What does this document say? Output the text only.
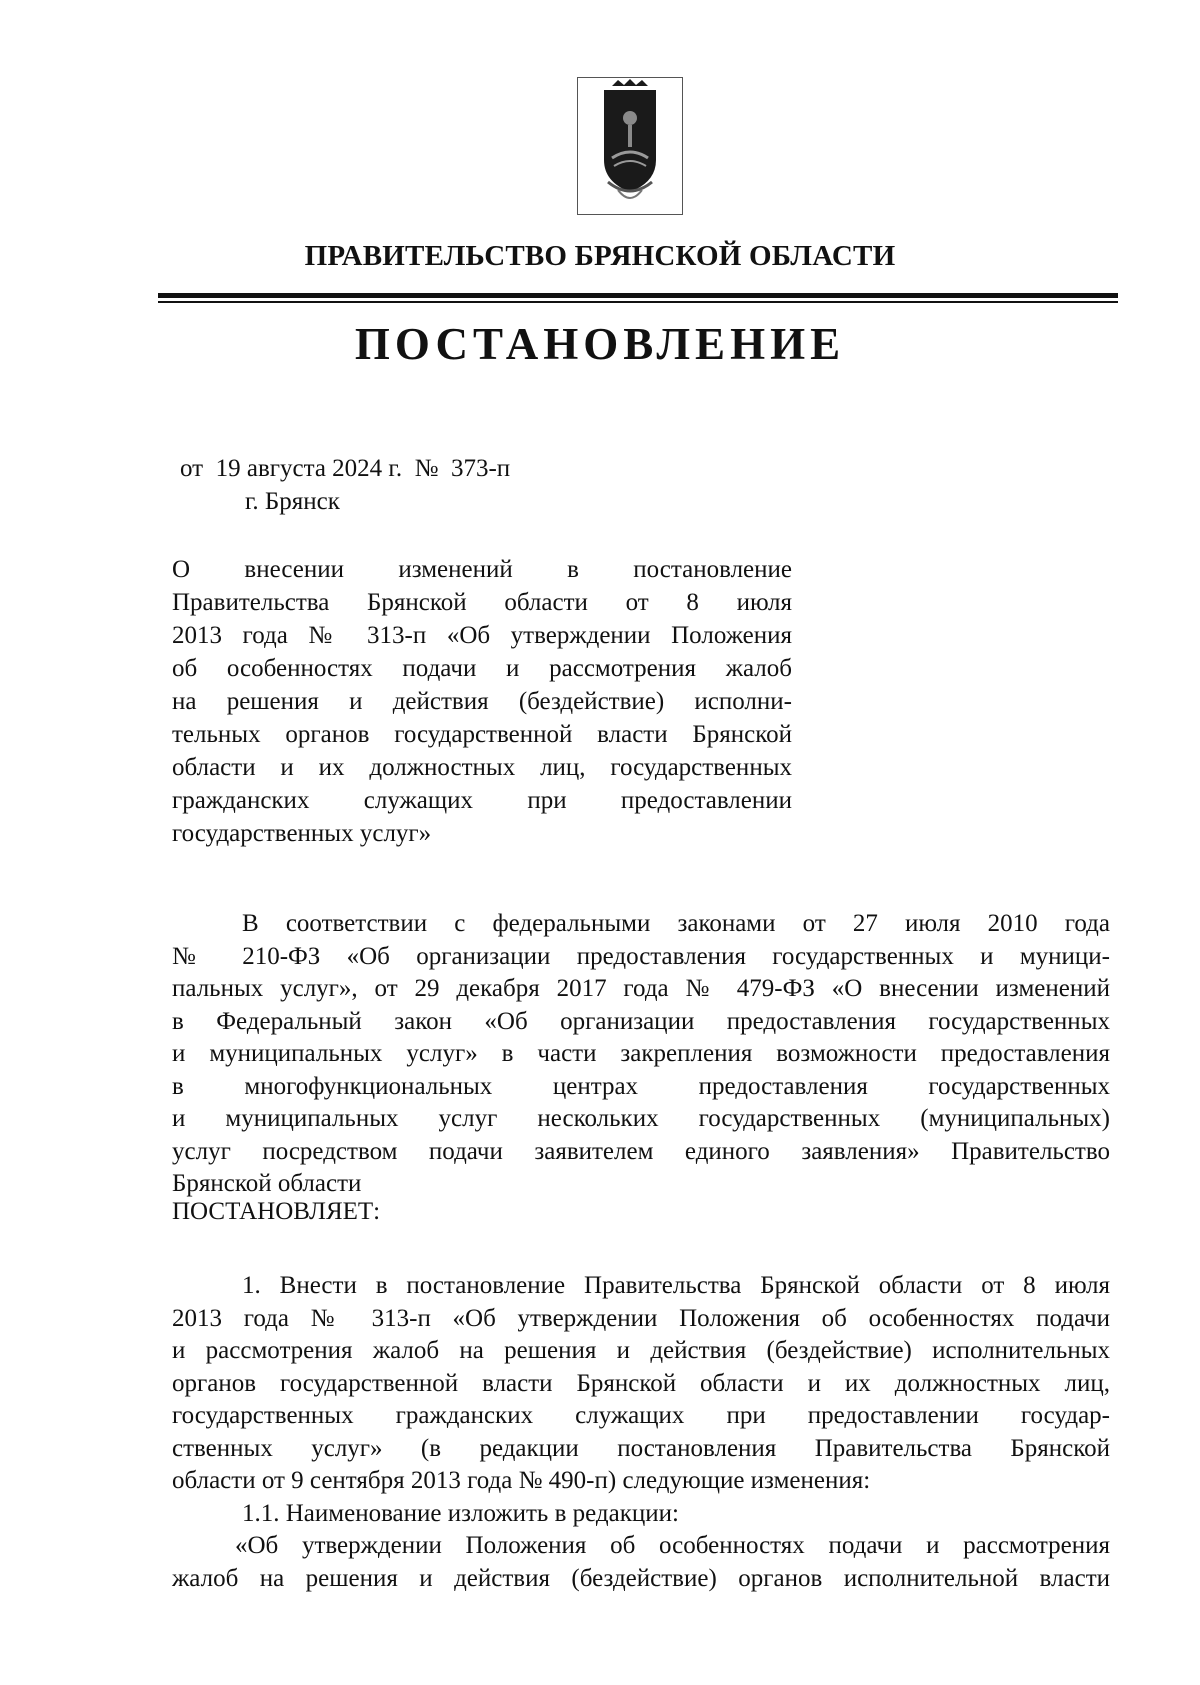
ПРАВИТЕЛЬСТВО БРЯНСКОЙ ОБЛАСТИ
ПОСТАНОВЛЕНИЕ
от  19 августа 2024 г.  №  373-п
г. Брянск
О внесении изменений в постановление
Правительства Брянской области от 8 июля
2013 года № 313-п «Об утверждении Положения
об особенностях подачи и рассмотрения жалоб
на решения и действия (бездействие) исполни-
тельных органов государственной власти Брянской
области и их должностных лиц, государственных
гражданских служащих при предоставлении
государственных услуг»
В соответствии с федеральными законами от 27 июля 2010 года
№ 210-ФЗ «Об организации предоставления государственных и муници-
пальных услуг», от 29 декабря 2017 года № 479-ФЗ «О внесении изменений
в Федеральный закон «Об организации предоставления государственных
и муниципальных услуг» в части закрепления возможности предоставления
в многофункциональных центрах предоставления государственных
и муниципальных услуг нескольких государственных (муниципальных)
услуг посредством подачи заявителем единого заявления» Правительство
Брянской области
ПОСТАНОВЛЯЕТ:
1. Внести в постановление Правительства Брянской области от 8 июля
2013 года № 313-п «Об утверждении Положения об особенностях подачи
и рассмотрения жалоб на решения и действия (бездействие) исполнительных
органов государственной власти Брянской области и их должностных лиц,
государственных гражданских служащих при предоставлении государ-
ственных услуг» (в редакции постановления Правительства Брянской
области от 9 сентября 2013 года № 490-п) следующие изменения:
1.1. Наименование изложить в редакции:
«Об утверждении Положения об особенностях подачи и рассмотрения
жалоб на решения и действия (бездействие) органов исполнительной власти
